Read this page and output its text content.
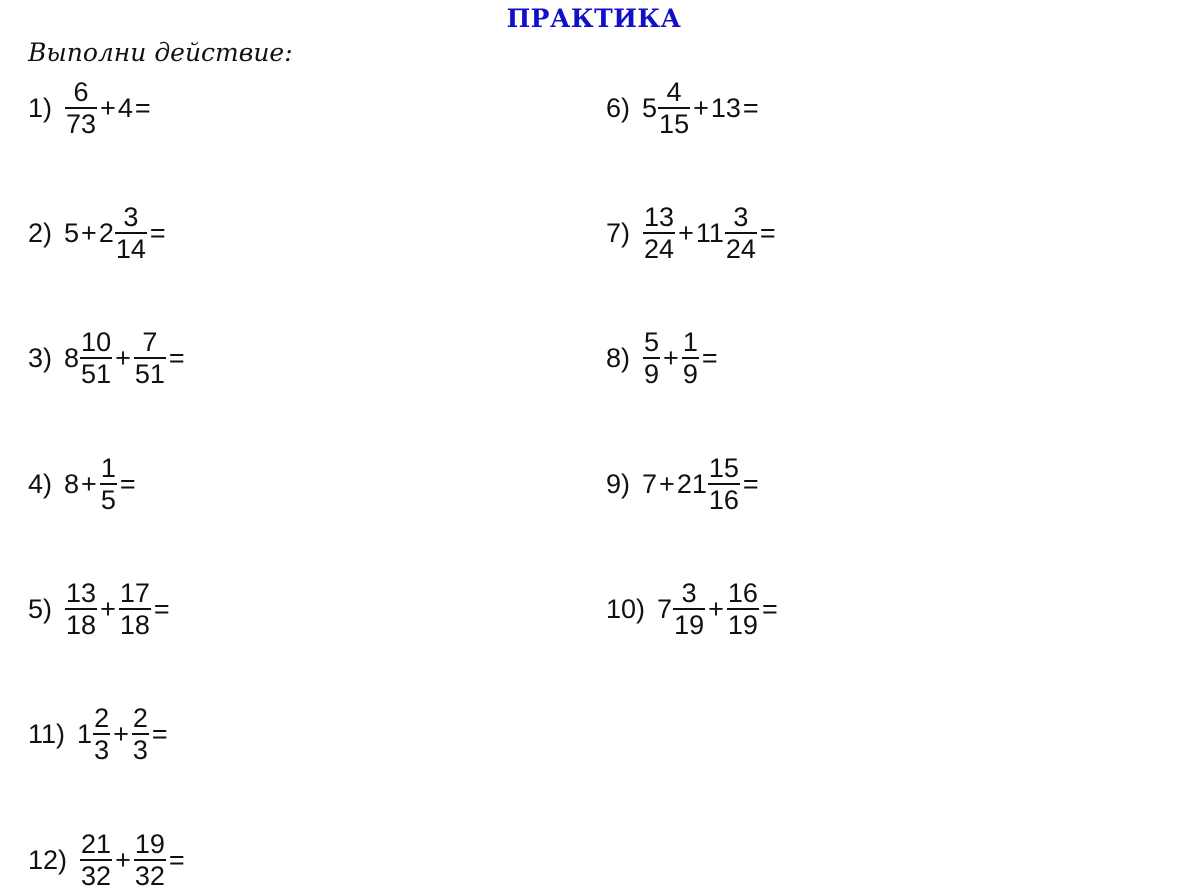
ПРАКТИКА
Выполни действие:
$1) \frac{6}{73} + 4$ =
2) $5 + 2 \frac{3}{14}$ =
3) $8 \frac{10}{51} + \frac{7}{51}$ =
4) $8 + \frac{1}{5}$ =
$5) \frac{13}{18} + \frac{17}{18}$ =
6) $5 \frac{4}{15} + 13$ =
$7) \frac{13}{24} + 11 \frac{3}{24}$ =
$8) \frac{5}{9} + \frac{1}{9}$ =
9) $7 + 21 \frac{15}{16}$ =
10) $7 \frac{3}{19} + \frac{16}{19}$ =
11) $1 \frac{2}{3} + \frac{2}{3}$ =
$12) \frac{21}{32} + \frac{19}{32}$ =
